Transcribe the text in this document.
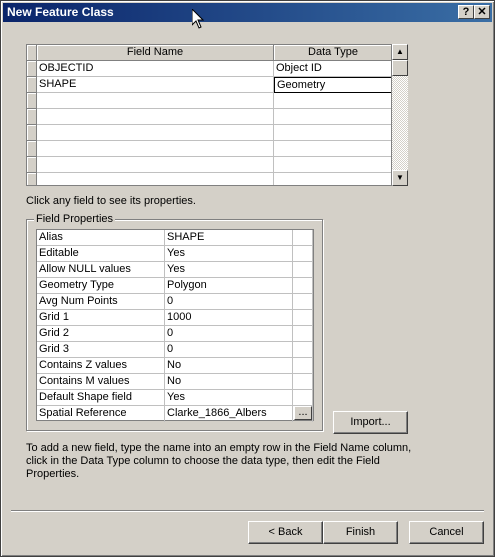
New Feature Class	? ✕
Field Name	Data Type
OBJECTID	Object ID
SHAPE	Geometry
▲
▼
Click any field to see its properties.
Field Properties
Alias	SHAPE
Editable	Yes
Allow NULL values	Yes
Geometry Type	Polygon
Avg Num Points	0
Grid 1	1000
Grid 2	0
Grid 3	0
Contains Z values	No
Contains M values	No
Default Shape field	Yes
Spatial Reference	Clarke_1866_Albers	...
Import...
To add a new field, type the name into an empty row in the Field Name column, click in the Data Type column to choose the data type, then edit the Field Properties.
< Back	Finish	Cancel
